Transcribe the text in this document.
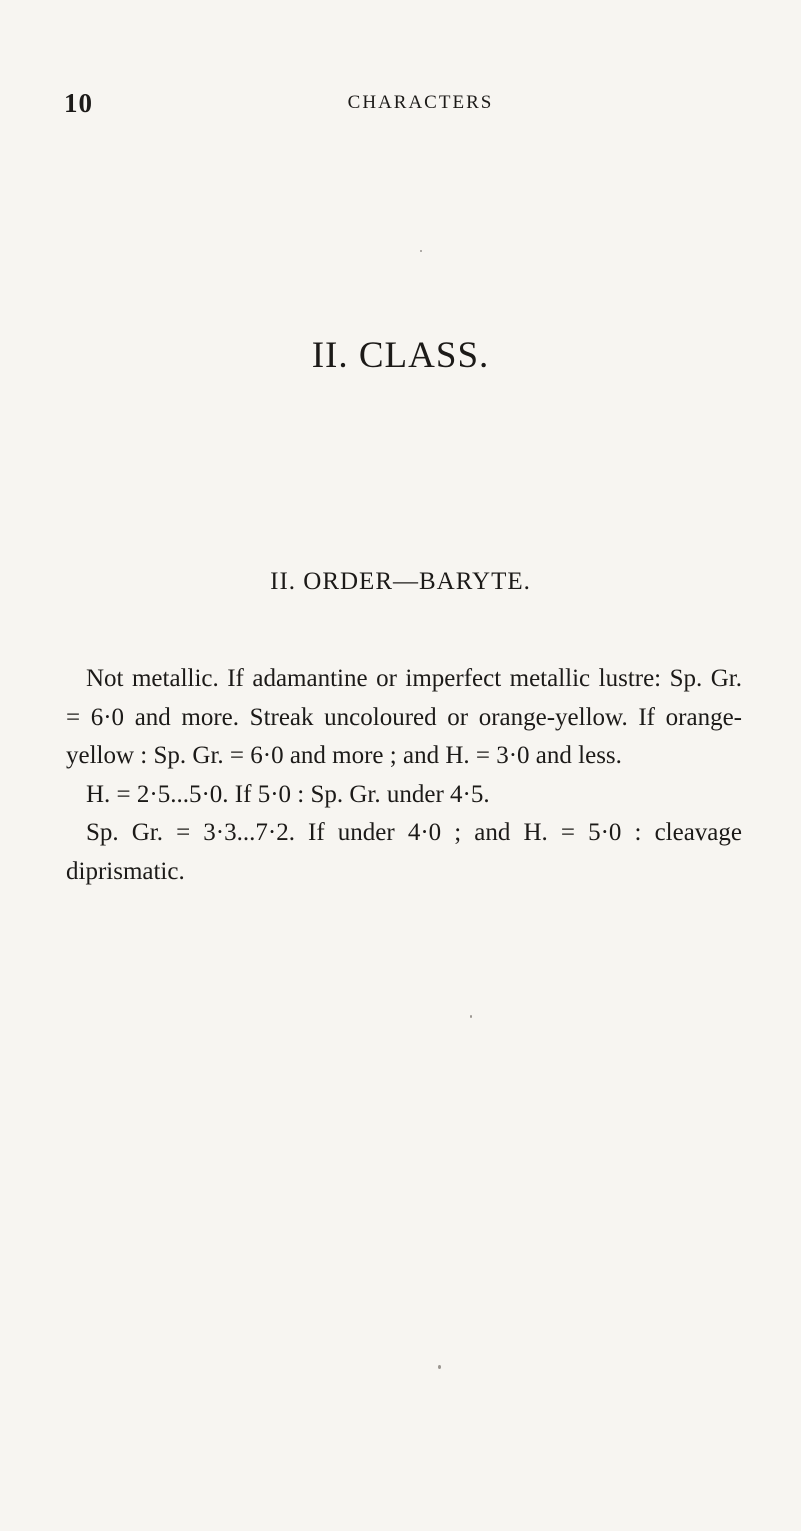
10	CHARACTERS
II. CLASS.
II. ORDER—BARYTE.

Not metallic. If adamantine or imperfect metallic lustre: Sp. Gr. = 6·0 and more. Streak uncoloured or orange-yellow. If orange-yellow : Sp. Gr. = 6·0 and more ; and H. = 3·0 and less.

H. = 2·5...5·0. If 5·0 : Sp. Gr. under 4·5.

Sp. Gr. = 3·3...7·2. If under 4·0 ; and H. = 5·0 : cleavage diprismatic.
